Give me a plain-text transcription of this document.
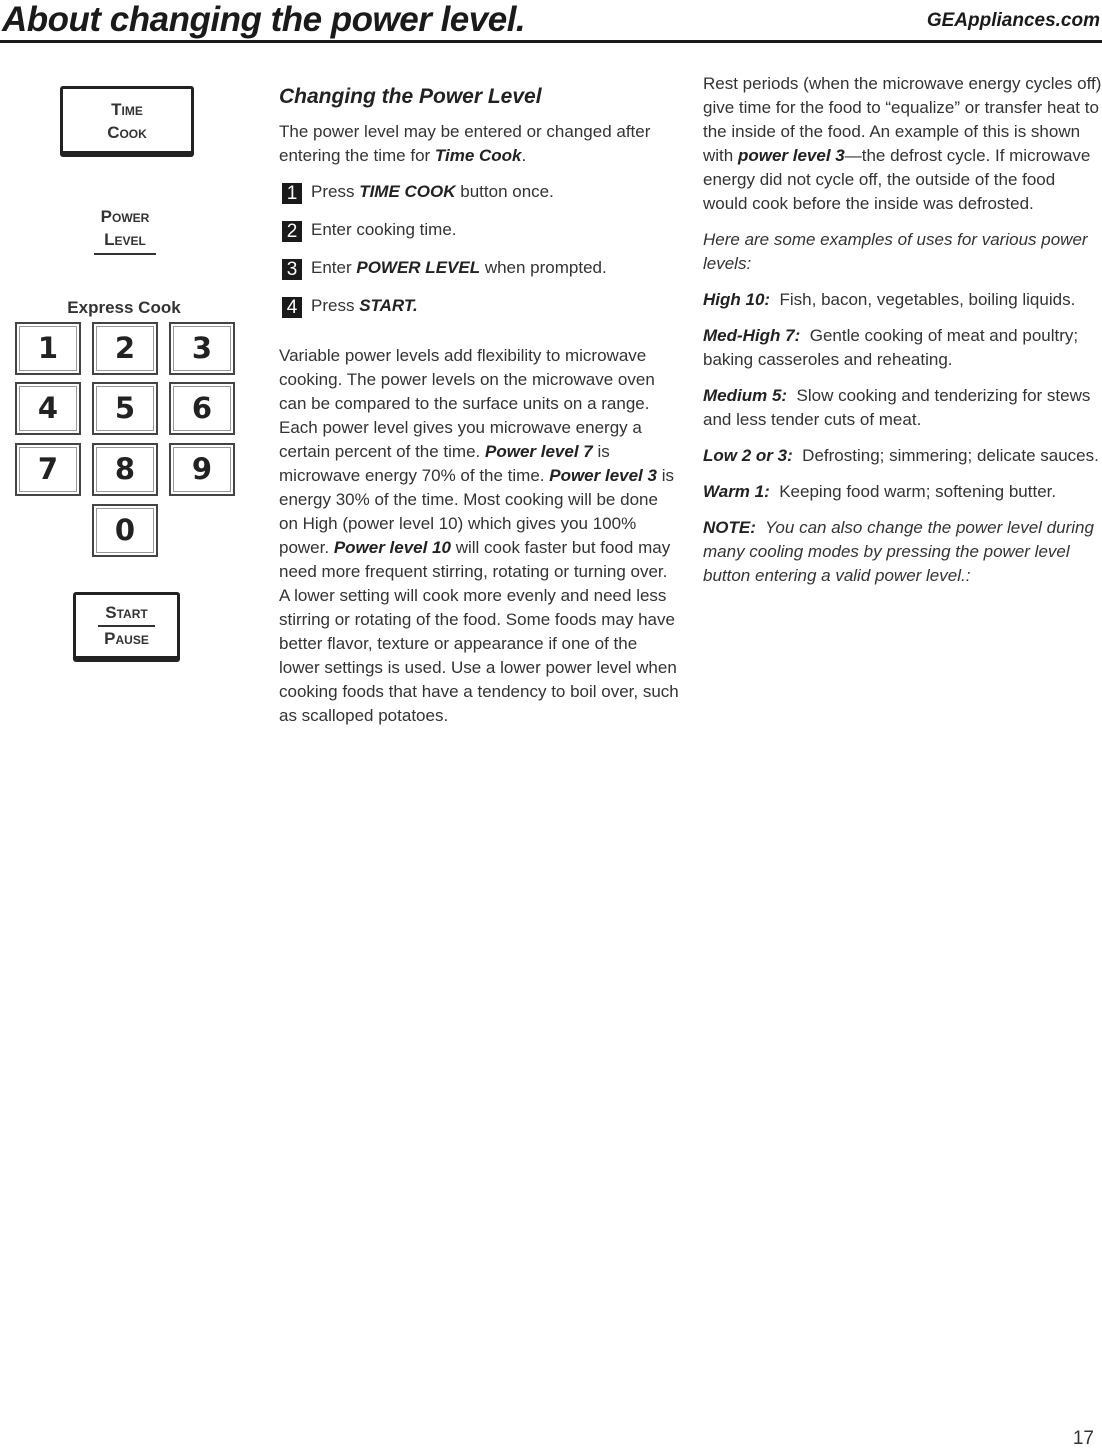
About changing the power level.	GEAppliances.com
Time
Cook
Power
Level
Express Cook
1	2	3
4	5	6
7	8	9
0
Start
Pause
Changing the Power Level

The power level may be entered or changed after entering the time for Time Cook.

1 Press TIME COOK button once.
2 Enter cooking time.
3 Enter POWER LEVEL when prompted.
4 Press START.

Variable power levels add flexibility to microwave cooking. The power levels on the microwave oven can be compared to the surface units on a range. Each power level gives you microwave energy a certain percent of the time. Power level 7 is microwave energy 70% of the time. Power level 3 is energy 30% of the time. Most cooking will be done on High (power level 10) which gives you 100% power. Power level 10 will cook faster but food may need more frequent stirring, rotating or turning over. A lower setting will cook more evenly and need less stirring or rotating of the food. Some foods may have better flavor, texture or appearance if one of the lower settings is used. Use a lower power level when cooking foods that have a tendency to boil over, such as scalloped potatoes.

Rest periods (when the microwave energy cycles off) give time for the food to “equalize” or transfer heat to the inside of the food. An example of this is shown with power level 3—the defrost cycle. If microwave energy did not cycle off, the outside of the food would cook before the inside was defrosted.

Here are some examples of uses for various power levels:

High 10:  Fish, bacon, vegetables, boiling liquids.

Med-High 7:  Gentle cooking of meat and poultry; baking casseroles and reheating.

Medium 5:  Slow cooking and tenderizing for stews and less tender cuts of meat.

Low 2 or 3:  Defrosting; simmering; delicate sauces.

Warm 1:  Keeping food warm; softening butter.

NOTE:  You can also change the power level during many cooling modes by pressing the power level button entering a valid power level.:

17
